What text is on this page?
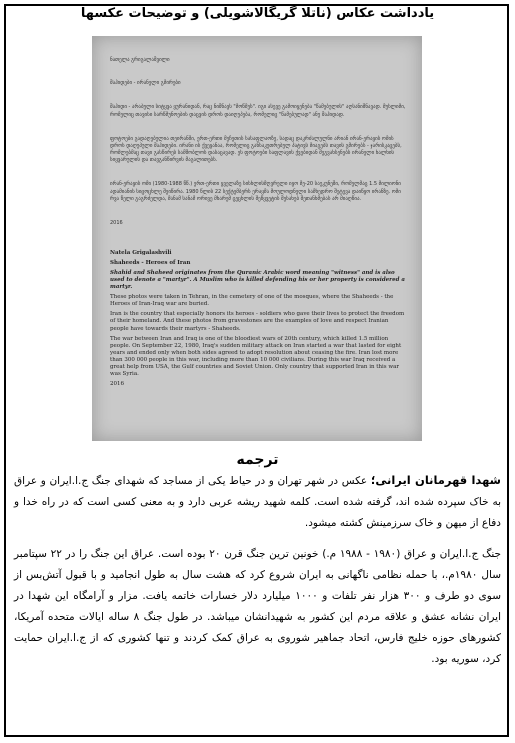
یادداشت عکاس (ناتلا گریگالاشویلی) و توضیحات عکسها

ნათელა გრიგალაშვილი

შაჰიდები - ირანელი გმირები

შაჰიდი - არაბული სიტყვა ყურანიდან, რაც ნიშნავს "მოწმეს". იგი ასევე გამოიყენება "წამებულის" აღსანიშნავად. მუსლიმი, რომელიც თავისი სარწმუნოების დაცვის დროს დაიღუპება, რომელიც "წამებულად" ანუ შაჰიდად.

ფოტოები გადაღებულია თეირანში, ერთ-ერთი მეჩეთის სასაფლაოზე, სადაც დაკრძალულნი არიან ირან-ერაყის ომის დროს დაღუპული შაჰიდები. ირანი ის ქვეყანაა, რომელიც განსაკუთრებულ პატივს მიაგებს თავის გმირებს - ჯარისკაცებს, რომლებმაც თავი გასწირეს სამშობლოს დასაცავად. ეს ფოტოები საფლავის ქვებიდან შეგვახსენებს ირანელი ხალხის სიყვარულის და თავგანწირვის მაგალითებს.

ირან-ერაყის ომი (1980-1988 წწ.) ერთ-ერთი ყველაზე სისხლისმღვრელი იყო მე-20 საუკუნეში, რომელმაც 1.5 მილიონი ადამიანის სიცოცხლე შეიწირა. 1980 წლის 22 სექტემბერს ერაყმა მოულოდნელი სამხედრო შეტევა დაიწყო ირანზე. ომი რვა წელი გაგრძელდა, მანამ სანამ ორივე მხარემ ცეცხლის შეწყვეტის შესახებ შეთანხმებას არ მიაღწია.

2016

Natela Grigalashvili

Shaheeds - Heroes of Iran

Shahid and Shaheed originates from the Quranic Arabic word meaning "witness" and is also used to denote a "martyr". A Muslim who is killed defending his or her property is considered a martyr.

These photos were taken in Tehran, in the cemetery of one of the mosques, where the Shaheeds - the Heroes of Iran-Iraq war are buried.

Iran is the country that especially honors its heroes - soldiers who gave their lives to protect the freedom of their homeland. And these photos from gravestones are the examples of love and respect Iranian people have towards their martyrs - Shaheeds.

The war between Iran and Iraq is one of the bloodiest wars of 20th century, which killed 1.5 million people. On September 22, 1980, Iraq's sudden military attack on Iran started a war that lasted for eight years and ended only when both sides agreed to adopt resolution about ceasing the fire. Iran lost more than 300 000 people in this war, including more than 10 000 civilians. During this war Iraq received a great help from USA, the Gulf countries and Soviet Union. Only country that supported Iran in this war was Syria.

2016

ترجمه

شهدا قهرمانان ایرانی؛ عکس در شهر تهران و در حیاط یکی از مساجد که شهدای جنگ ج.ا.ایران و عراق به خاک سپرده شده اند، گرفته شده است. کلمه شهید ریشه عربی دارد و به معنی کسی است که در راه خدا و دفاع از میهن و خاک سرزمینش کشته میشود.

جنگ ج.ا.ایران و عراق (۱۹۸۰ - ۱۹۸۸ م.) خونین ترین جنگ قرن ۲۰ بوده است. عراق این جنگ را در ۲۲ سپتامبر سال ۱۹۸۰م.، با حمله نظامی ناگهانی به ایران شروع کرد که هشت سال به طول انجامید و با قبول آتش‌بس از سوی دو طرف و ۳۰۰ هزار نفر تلفات و ۱۰۰۰ میلیارد دلار خسارات خاتمه یافت. مزار و آرامگاه این شهدا در ایران نشانه عشق و علاقه مردم این کشور به شهیدانشان میباشد. در طول جنگ ۸ ساله ایالات متحده آمریکا، کشورهای حوزه خلیج فارس، اتحاد جماهیر شوروی به عراق کمک کردند و تنها کشوری که از ج.ا.ایران حمایت کرد، سوریه بود.
